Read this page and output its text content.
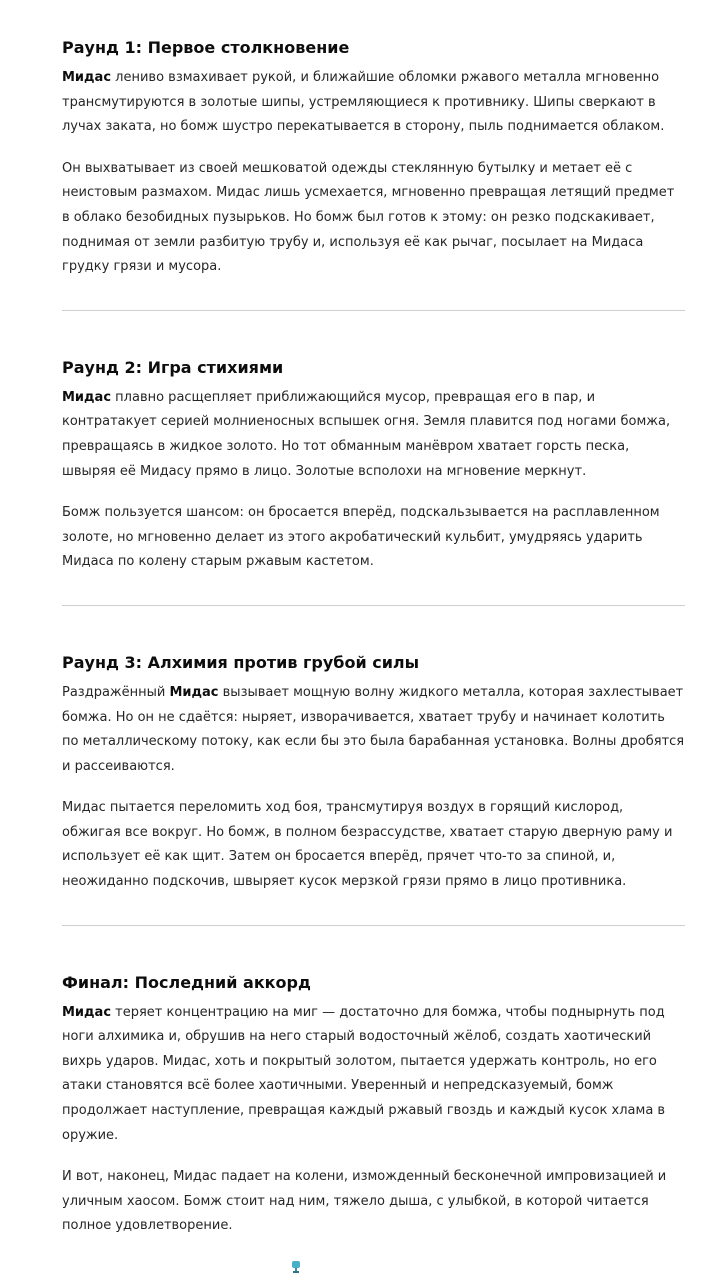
Раунд 1: Первое столкновение

Мидас лениво взмахивает рукой, и ближайшие обломки ржавого металла мгновенно трансмутируются в золотые шипы, устремляющиеся к противнику. Шипы сверкают в лучах заката, но бомж шустро перекатывается в сторону, пыль поднимается облаком.

Он выхватывает из своей мешковатой одежды стеклянную бутылку и метает её с неистовым размахом. Мидас лишь усмехается, мгновенно превращая летящий предмет в облако безобидных пузырьков. Но бомж был готов к этому: он резко подскакивает, поднимая от земли разбитую трубу и, используя её как рычаг, посылает на Мидаса грудку грязи и мусора.

Раунд 2: Игра стихиями

Мидас плавно расщепляет приближающийся мусор, превращая его в пар, и контратакует серией молниеносных вспышек огня. Земля плавится под ногами бомжа, превращаясь в жидкое золото. Но тот обманным манёвром хватает горсть песка, швыряя её Мидасу прямо в лицо. Золотые всполохи на мгновение меркнут.

Бомж пользуется шансом: он бросается вперёд, подскальзывается на расплавленном золоте, но мгновенно делает из этого акробатический кульбит, умудряясь ударить Мидаса по колену старым ржавым кастетом.

Раунд 3: Алхимия против грубой силы

Раздражённый Мидас вызывает мощную волну жидкого металла, которая захлестывает бомжа. Но он не сдаётся: ныряет, изворачивается, хватает трубу и начинает колотить по металлическому потоку, как если бы это была барабанная установка. Волны дробятся и рассеиваются.

Мидас пытается переломить ход боя, трансмутируя воздух в горящий кислород, обжигая все вокруг. Но бомж, в полном безрассудстве, хватает старую дверную раму и использует её как щит. Затем он бросается вперёд, прячет что-то за спиной, и, неожиданно подскочив, швыряет кусок мерзкой грязи прямо в лицо противника.

Финал: Последний аккорд

Мидас теряет концентрацию на миг — достаточно для бомжа, чтобы поднырнуть под ноги алхимика и, обрушив на него старый водосточный жёлоб, создать хаотический вихрь ударов. Мидас, хоть и покрытый золотом, пытается удержать контроль, но его атаки становятся всё более хаотичными. Уверенный и непредсказуемый, бомж продолжает наступление, превращая каждый ржавый гвоздь и каждый кусок хлама в оружие.

И вот, наконец, Мидас падает на колени, изможденный бесконечной импровизацией и уличным хаосом. Бомж стоит над ним, тяжело дыша, с улыбкой, в которой читается полное удовлетворение.
